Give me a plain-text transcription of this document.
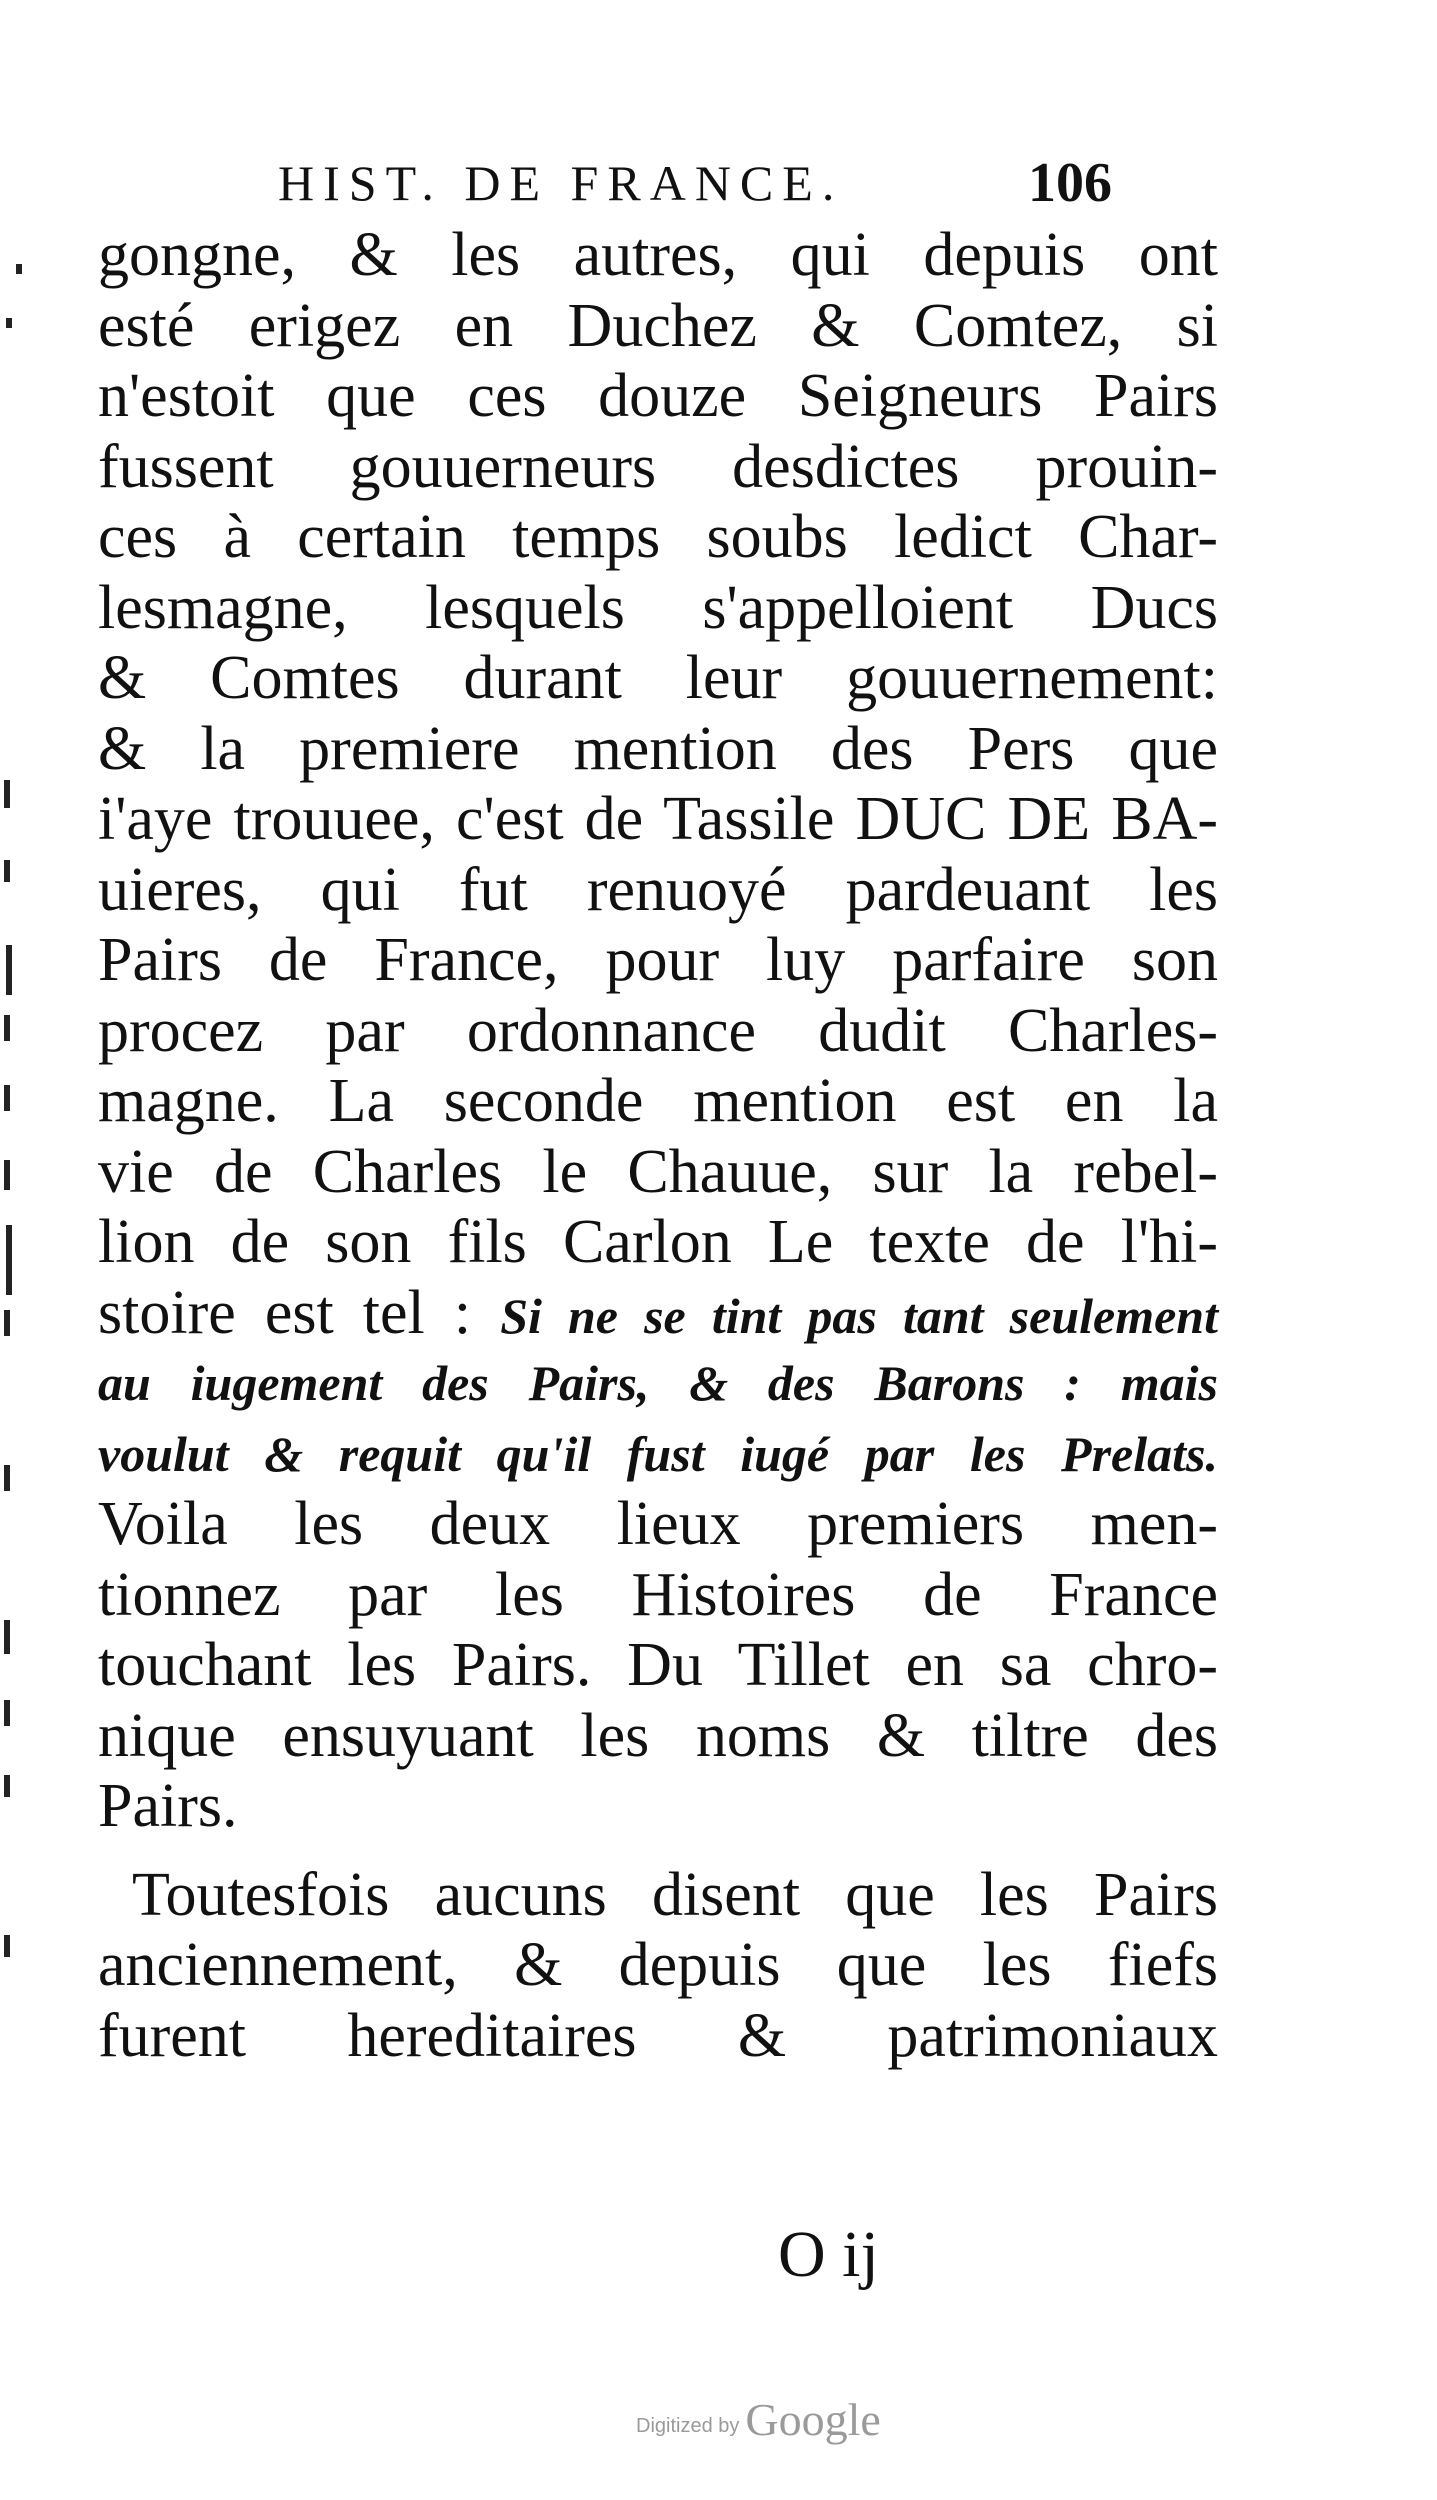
HIST. DE FRANCE.	106
gongne, & les autres, qui depuis ont
esté erigez en Duchez & Comtez, si
n'estoit que ces douze Seigneurs Pairs
fussent gouuerneurs desdictes prouin-
ces à certain temps soubs ledict Char-
lesmagne, lesquels s'appelloient Ducs
& Comtes durant leur gouuernement:
& la premiere mention des Pers que
i'aye trouuee, c'est de Tassile DUC DE BA-
uieres, qui fut renuoyé pardeuant les
Pairs de France, pour luy parfaire son
procez par ordonnance dudit Charles-
magne. La seconde mention est en la
vie de Charles le Chauue, sur la rebel-
lion de son fils Carlon Le texte de l'hi-
stoire est tel : Si ne se tint pas tant seulement
au iugement des Pairs, & des Barons : mais
voulut & requit qu'il fust iugé par les Prelats.
Voila les deux lieux premiers men-
tionnez par les Histoires de France
touchant les Pairs. Du Tillet en sa chro-
nique ensuyuant les noms & tiltre des
Pairs.
Toutesfois aucuns disent que les Pairs
anciennement, & depuis que les fiefs
furent hereditaires & patrimoniaux
O ij
Digitized by Google
